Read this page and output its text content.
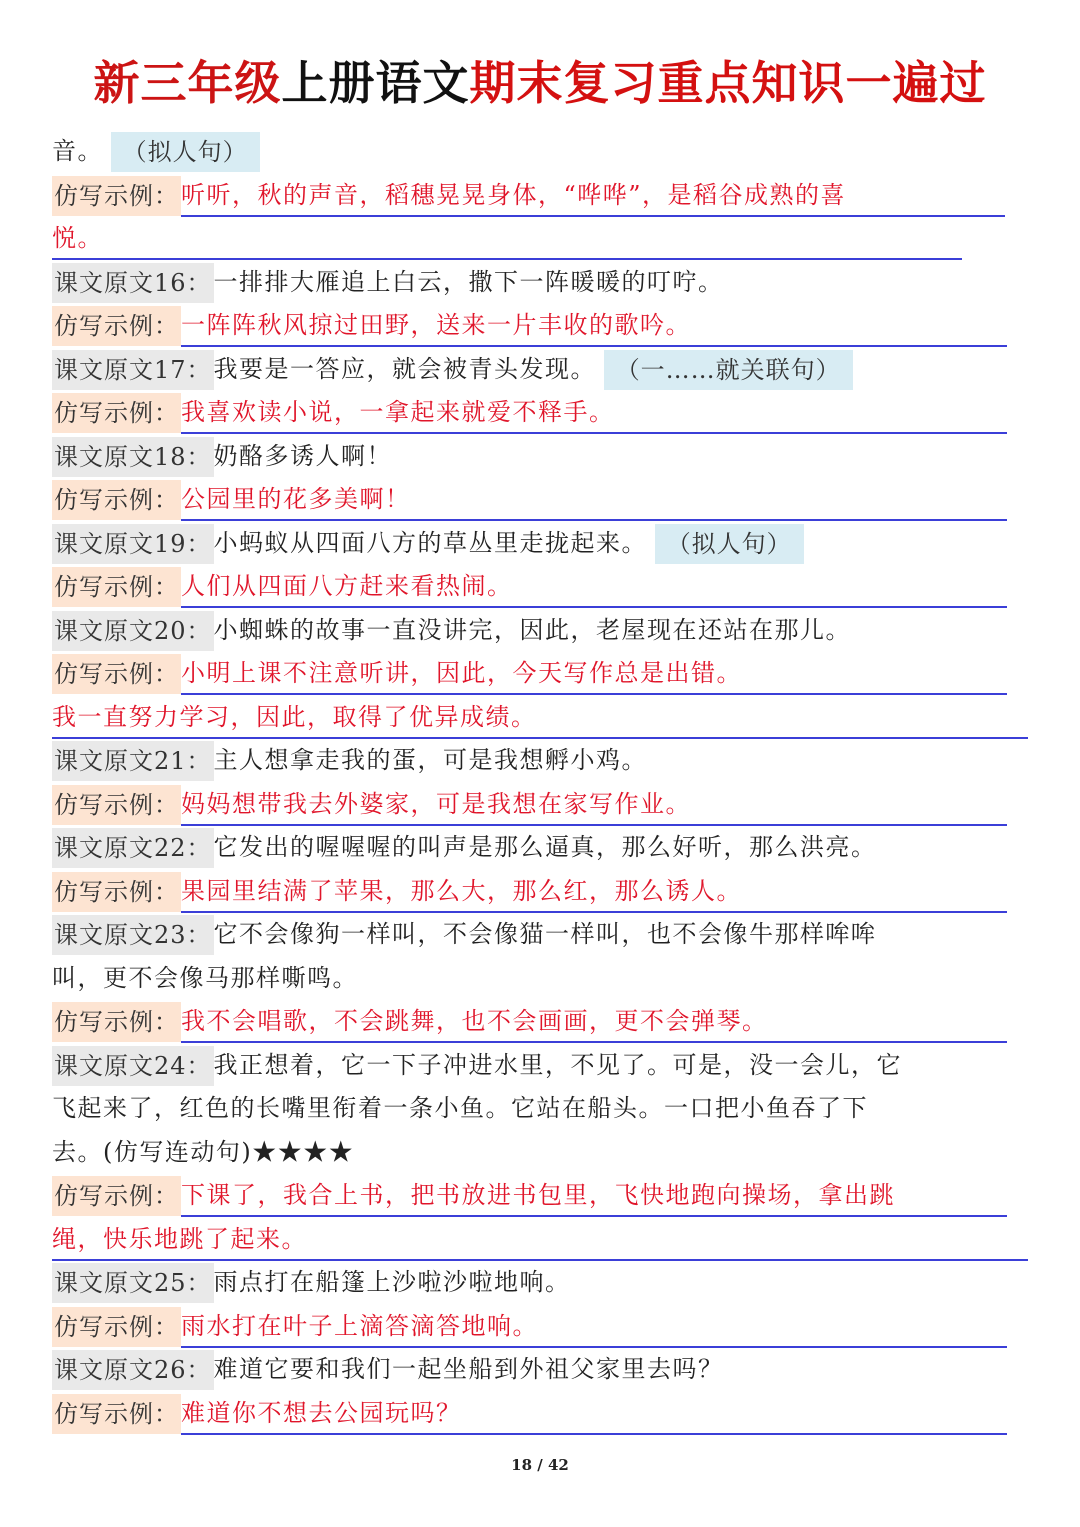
新三年级上册语文期末复习重点知识一遍过
音。 （拟人句）
仿写示例：听听，秋的声音，稻穗晃晃身体，“哗哗”，是稻谷成熟的喜
悦。
课文原文16：一排排大雁追上白云，撒下一阵暖暖的叮咛。
仿写示例：一阵阵秋风掠过田野，送来一片丰收的歌吟。
课文原文17：我要是一答应，就会被青头发现。 （一……就关联句）
仿写示例：我喜欢读小说，一拿起来就爱不释手。
课文原文18：奶酪多诱人啊！
仿写示例：公园里的花多美啊！
课文原文19：小蚂蚁从四面八方的草丛里走拢起来。 （拟人句）
仿写示例：人们从四面八方赶来看热闹。
课文原文20：小蜘蛛的故事一直没讲完，因此，老屋现在还站在那儿。
仿写示例：小明上课不注意听讲，因此，今天写作总是出错。
我一直努力学习，因此，取得了优异成绩。
课文原文21：主人想拿走我的蛋，可是我想孵小鸡。
仿写示例：妈妈想带我去外婆家，可是我想在家写作业。
课文原文22：它发出的喔喔喔的叫声是那么逼真，那么好听，那么洪亮。
仿写示例：果园里结满了苹果，那么大，那么红，那么诱人。
课文原文23：它不会像狗一样叫，不会像猫一样叫，也不会像牛那样哞哞
叫，更不会像马那样嘶鸣。
仿写示例：我不会唱歌，不会跳舞，也不会画画，更不会弹琴。
课文原文24：我正想着，它一下子冲进水里，不见了。可是，没一会儿，它
飞起来了，红色的长嘴里衔着一条小鱼。它站在船头。一口把小鱼吞了下
去。(仿写连动句)★★★★
仿写示例：下课了，我合上书，把书放进书包里，飞快地跑向操场，拿出跳
绳，快乐地跳了起来。
课文原文25：雨点打在船篷上沙啦沙啦地响。
仿写示例：雨水打在叶子上滴答滴答地响。
课文原文26：难道它要和我们一起坐船到外祖父家里去吗？
仿写示例：难道你不想去公园玩吗？
18 / 42
